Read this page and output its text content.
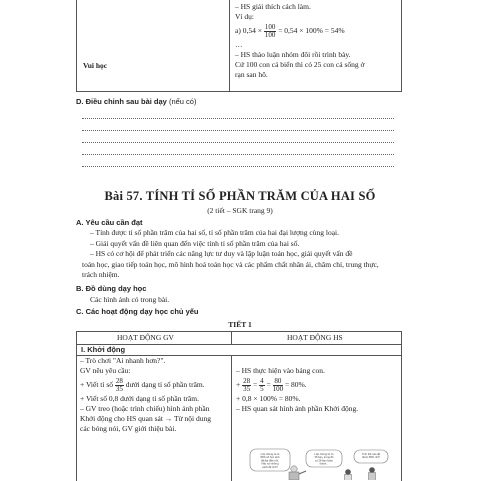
Vui học
– HS giải thích cách làm.
Ví dụ:
a) $0,54 \times \frac{100}{100} = 0,54 \times 100\% = 54\%$
…
– HS thảo luận nhóm đôi rồi trình bày.
Cứ 100 con cá biển thì có 25 con cá sống ở
rạn san hô.
D. Điều chỉnh sau bài dạy (nếu có)
Bài 57. TÍNH TỈ SỐ PHẦN TRĂM CỦA HAI SỐ
(2 tiết – SGK trang 9)
A. Yêu cầu cần đạt

– Tính được tỉ số phần trăm của hai số, tỉ số phần trăm của hai đại lượng cùng loại.

– Giải quyết vấn đề liên quan đến việc tính tỉ số phần trăm của hai số.

– HS có cơ hội để phát triển các năng lực tư duy và lập luận toán học, giải quyết vấn đề

toán học, giao tiếp toán học, mô hình hoá toán học và các phẩm chất nhân ái, chăm chỉ, trung thực,

trách nhiệm.

B. Đồ dùng dạy học

Các hình ảnh có trong bài.

C. Các hoạt động dạy học chủ yếu
TIẾT 1
HOẠT ĐỘNG GV	HOẠT ĐỘNG HS
I. Khởi động
– Trò chơi "Ai nhanh hơn?".
GV nêu yêu cầu:
+ Viết tỉ số $\frac{28}{35}$ dưới dạng tỉ số phần trăm.
+ Viết số 0,8 dưới dạng tỉ số phần trăm.
– GV treo (hoặc trình chiếu) hình ảnh phần
Khởi động cho HS quan sát → Từ nội dung
các bóng nói, GV giới thiệu bài.
– HS thực hiện vào bảng con.
+ $\frac{28}{35} = \frac{4}{5} = \frac{80}{100} = 80\%$.
+ 0,8 × 100% = 80%.
– HS quan sát hình ảnh phần Khởi động.
Lớp chúng ta có 80% số học sinh đã đạt điểm tốt. Hãy nói những cách để tính?
Lớp chúng tớ có 35 bạn, trong đó có 28 bạn hoàn thành...
Tính thế nào để được 80% nhỉ?
